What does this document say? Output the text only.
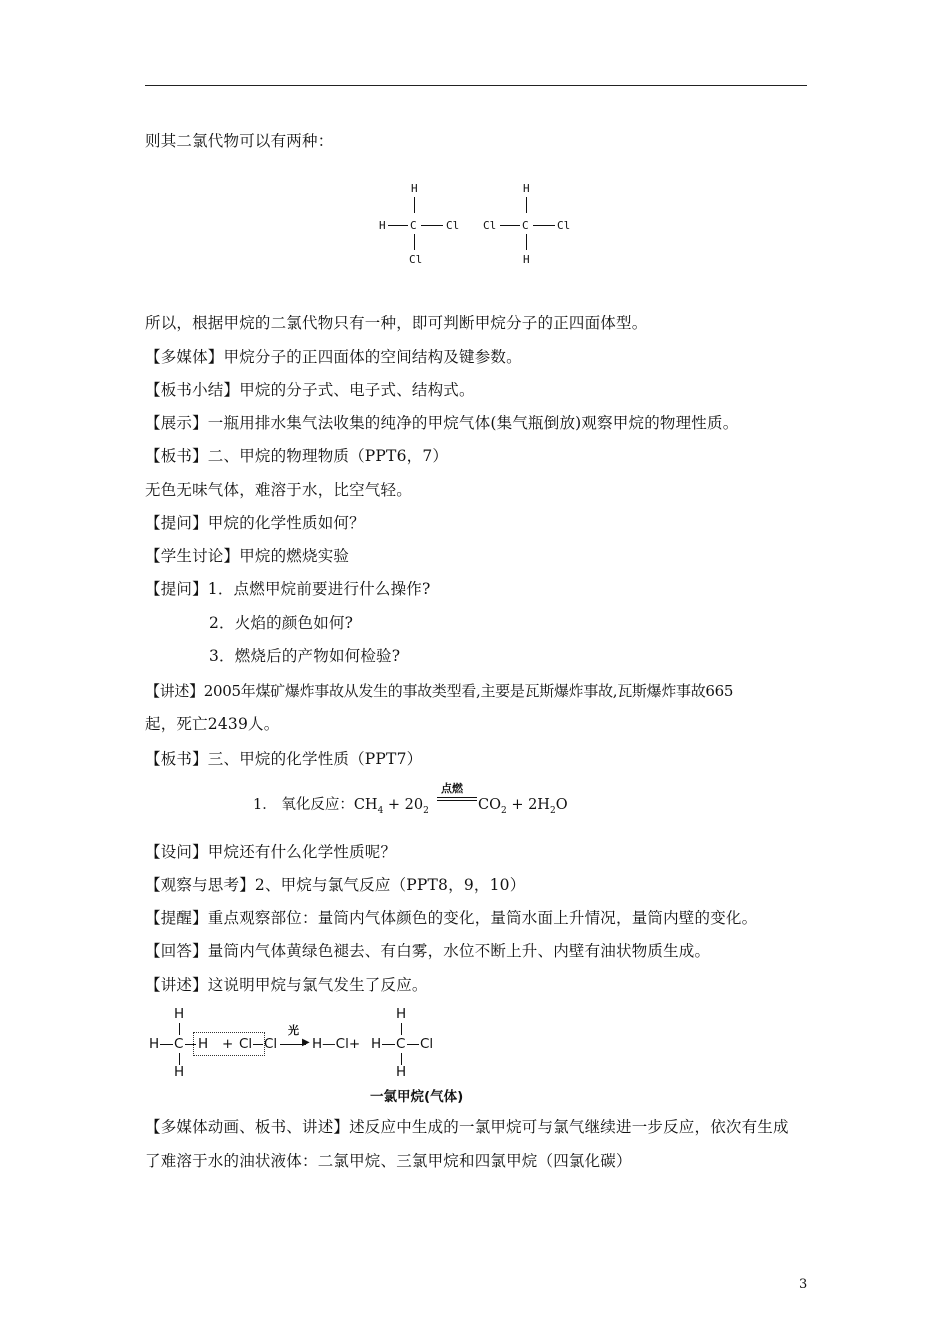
则其二氯代物可以有两种：
H
H C	Cl
Cl
H
Cl C	Cl
H
所以，根据甲烷的二氯代物只有一种，即可判断甲烷分子的正四面体型。
【多媒体】甲烷分子的正四面体的空间结构及键参数。
【板书小结】甲烷的分子式、电子式、结构式。
【展示】一瓶用排水集气法收集的纯净的甲烷气体(集气瓶倒放)观察甲烷的物理性质。
【板书】二、甲烷的物理物质（PPT6，7）
无色无味气体，难溶于水，比空气轻。
【提问】甲烷的化学性质如何？
【学生讨论】甲烷的燃烧实验
【提问】1．点燃甲烷前要进行什么操作?
2．火焰的颜色如何?
3．燃烧后的产物如何检验?
【讲述】2005年煤矿爆炸事故从发生的事故类型看,主要是瓦斯爆炸事故,瓦斯爆炸事故665
起，死亡2439人。
【板书】三、甲烷的化学性质（PPT7）
1． 氧化反应：$CH_4 + 20_2$
点燃
$CO_2 + 2H_2O$
【设问】甲烷还有什么化学性质呢？
【观察与思考】2、甲烷与氯气反应（PPT8，9，10）
【提醒】重点观察部位：量筒内气体颜色的变化，量筒水面上升情况，量筒内壁的变化。
【回答】量筒内气体黄绿色褪去、有白雾，水位不断上升、内壁有油状物质生成。
【讲述】这说明甲烷与氯气发生了反应。
H
H C H + Cl Cl ▶
光
H—Cl+
H
H C Cl
H
H
一氯甲烷(气体)
【多媒体动画、板书、讲述】述反应中生成的一氯甲烷可与氯气继续进一步反应，依次有生成
了难溶于水的油状液体：二氯甲烷、三氯甲烷和四氯甲烷（四氯化碳）
3
